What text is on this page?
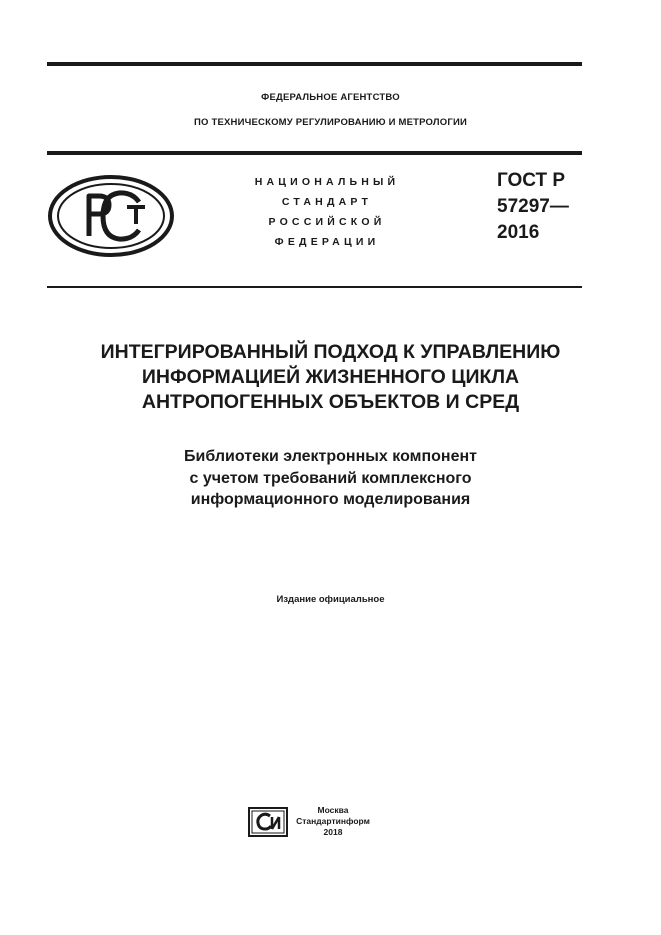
ФЕДЕРАЛЬНОЕ АГЕНТСТВО
ПО ТЕХНИЧЕСКОМУ РЕГУЛИРОВАНИЮ И МЕТРОЛОГИИ
НАЦИОНАЛЬНЫЙ
СТАНДАРТ
РОССИЙСКОЙ
ФЕДЕРАЦИИ
ГОСТ Р
57297—
2016
ИНТЕГРИРОВАННЫЙ ПОДХОД К УПРАВЛЕНИЮ
ИНФОРМАЦИЕЙ ЖИЗНЕННОГО ЦИКЛА
АНТРОПОГЕННЫХ ОБЪЕКТОВ И СРЕД
Библиотеки электронных компонент
с учетом требований комплексного
информационного моделирования
Издание официальное
Москва
Стандартинформ
2018
